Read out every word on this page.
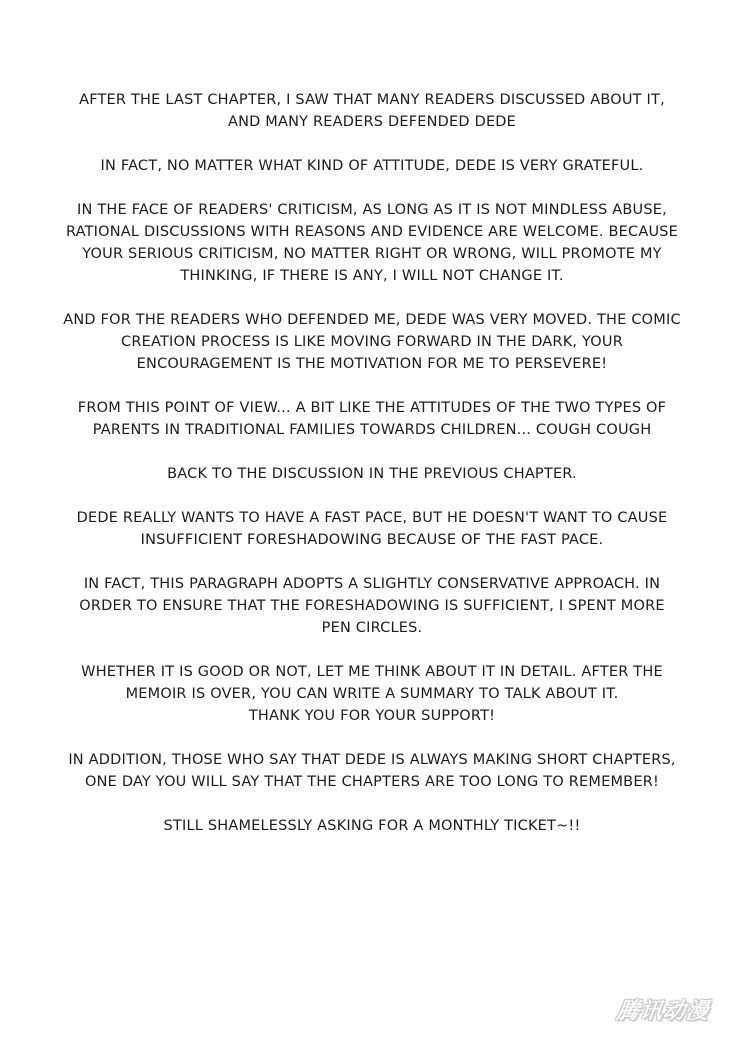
AFTER THE LAST CHAPTER, I SAW THAT MANY READERS DISCUSSED ABOUT IT,
AND MANY READERS DEFENDED DEDE
IN FACT, NO MATTER WHAT KIND OF ATTITUDE, DEDE IS VERY GRATEFUL.
IN THE FACE OF READERS' CRITICISM, AS LONG AS IT IS NOT MINDLESS ABUSE,
RATIONAL DISCUSSIONS WITH REASONS AND EVIDENCE ARE WELCOME. BECAUSE
YOUR SERIOUS CRITICISM, NO MATTER RIGHT OR WRONG, WILL PROMOTE MY
THINKING, IF THERE IS ANY, I WILL NOT CHANGE IT.
AND FOR THE READERS WHO DEFENDED ME, DEDE WAS VERY MOVED. THE COMIC
CREATION PROCESS IS LIKE MOVING FORWARD IN THE DARK, YOUR
ENCOURAGEMENT IS THE MOTIVATION FOR ME TO PERSEVERE!
FROM THIS POINT OF VIEW... A BIT LIKE THE ATTITUDES OF THE TWO TYPES OF
PARENTS IN TRADITIONAL FAMILIES TOWARDS CHILDREN... COUGH COUGH
BACK TO THE DISCUSSION IN THE PREVIOUS CHAPTER.
DEDE REALLY WANTS TO HAVE A FAST PACE, BUT HE DOESN'T WANT TO CAUSE
INSUFFICIENT FORESHADOWING BECAUSE OF THE FAST PACE.
IN FACT, THIS PARAGRAPH ADOPTS A SLIGHTLY CONSERVATIVE APPROACH. IN
ORDER TO ENSURE THAT THE FORESHADOWING IS SUFFICIENT, I SPENT MORE
PEN CIRCLES.
WHETHER IT IS GOOD OR NOT, LET ME THINK ABOUT IT IN DETAIL. AFTER THE
MEMOIR IS OVER, YOU CAN WRITE A SUMMARY TO TALK ABOUT IT.
THANK YOU FOR YOUR SUPPORT!
IN ADDITION, THOSE WHO SAY THAT DEDE IS ALWAYS MAKING SHORT CHAPTERS,
ONE DAY YOU WILL SAY THAT THE CHAPTERS ARE TOO LONG TO REMEMBER!
STILL SHAMELESSLY ASKING FOR A MONTHLY TICKET~!!
腾讯动漫
